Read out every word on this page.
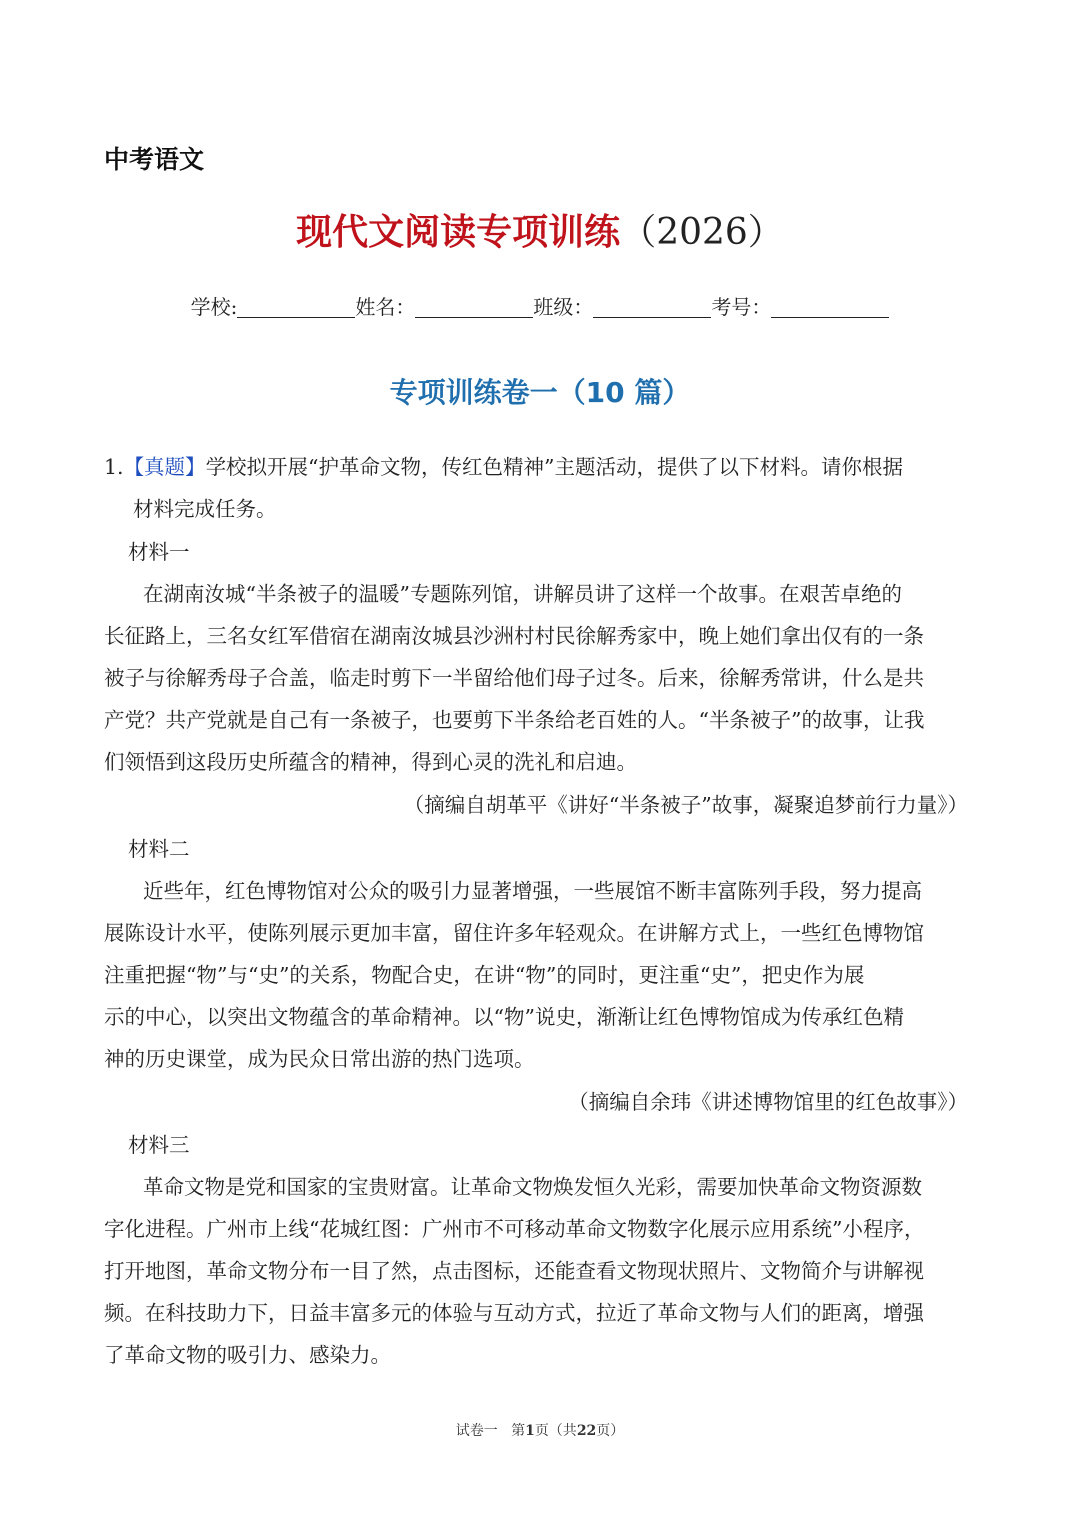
中考语文
现代文阅读专项训练（2026）
学校:	姓名：	班级：	考号：
专项训练卷一（10 篇）
1.【真题】学校拟开展“护革命文物，传红色精神”主题活动，提供了以下材料。请你根据
材料完成任务。
材料一
在湖南汝城“半条被子的温暖”专题陈列馆，讲解员讲了这样一个故事。在艰苦卓绝的
长征路上，三名女红军借宿在湖南汝城县沙洲村村民徐解秀家中，晚上她们拿出仅有的一条
被子与徐解秀母子合盖，临走时剪下一半留给他们母子过冬。后来，徐解秀常讲，什么是共
产党？共产党就是自己有一条被子，也要剪下半条给老百姓的人。“半条被子”的故事，让我
们领悟到这段历史所蕴含的精神，得到心灵的洗礼和启迪。
（摘编自胡革平《讲好“半条被子”故事，凝聚追梦前行力量》）
材料二
近些年，红色博物馆对公众的吸引力显著增强，一些展馆不断丰富陈列手段，努力提高
展陈设计水平，使陈列展示更加丰富，留住许多年轻观众。在讲解方式上，一些红色博物馆
注重把握“物”与“史”的关系，物配合史，在讲“物”的同时，更注重“史”，把史作为展
示的中心，以突出文物蕴含的革命精神。以“物”说史，渐渐让红色博物馆成为传承红色精
神的历史课堂，成为民众日常出游的热门选项。
（摘编自余玮《讲述博物馆里的红色故事》）
材料三
革命文物是党和国家的宝贵财富。让革命文物焕发恒久光彩，需要加快革命文物资源数
字化进程。广州市上线“花城红图：广州市不可移动革命文物数字化展示应用系统”小程序，
打开地图，革命文物分布一目了然，点击图标，还能查看文物现状照片、文物简介与讲解视
频。在科技助力下，日益丰富多元的体验与互动方式，拉近了革命文物与人们的距离，增强
了革命文物的吸引力、感染力。
试卷一 第1页（共22页）
